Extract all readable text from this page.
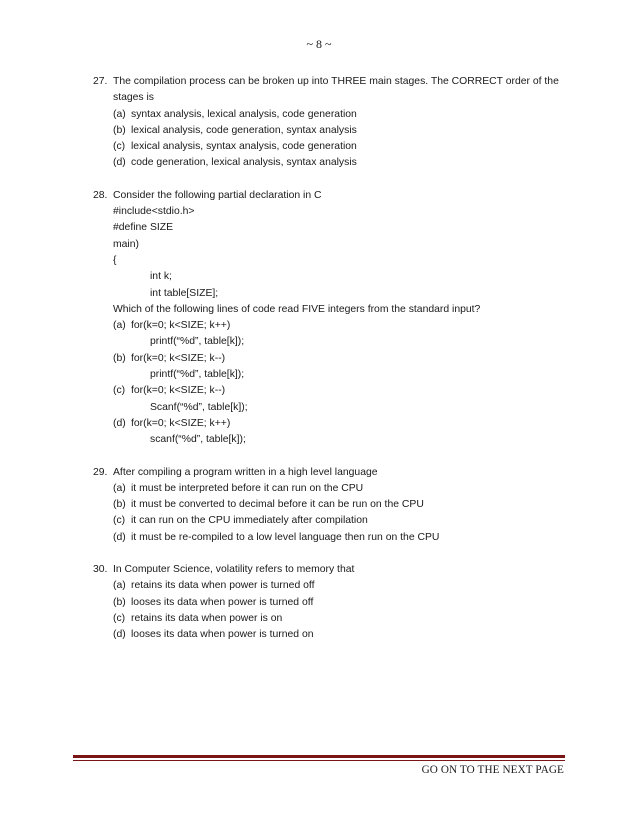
~ 8 ~
27. The compilation process can be broken up into THREE main stages. The CORRECT order of the
stages is
(a) syntax analysis, lexical analysis, code generation
(b) lexical analysis, code generation, syntax analysis
(c) lexical analysis, syntax analysis, code generation
(d) code generation, lexical analysis, syntax analysis
28. Consider the following partial declaration in C
#include<stdio.h>
#define SIZE
main)
{
int k;
int table[SIZE];
Which of the following lines of code read FIVE integers from the standard input?
(a) for(k=0; k<SIZE; k++)
printf(“%d”, table[k]);
(b) for(k=0; k<SIZE; k--)
printf(“%d”, table[k]);
(c) for(k=0; k<SIZE; k--)
Scanf(“%d”, table[k]);
(d) for(k=0; k<SIZE; k++)
scanf(“%d”, table[k]);
29. After compiling a program written in a high level language
(a) it must be interpreted before it can run on the CPU
(b) it must be converted to decimal before it can be run on the CPU
(c) it can run on the CPU immediately after compilation
(d) it must be re-compiled to a low level language then run on the CPU
30. In Computer Science, volatility refers to memory that
(a) retains its data when power is turned off
(b) looses its data when power is turned off
(c) retains its data when power is on
(d) looses its data when power is turned on
GO ON TO THE NEXT PAGE
